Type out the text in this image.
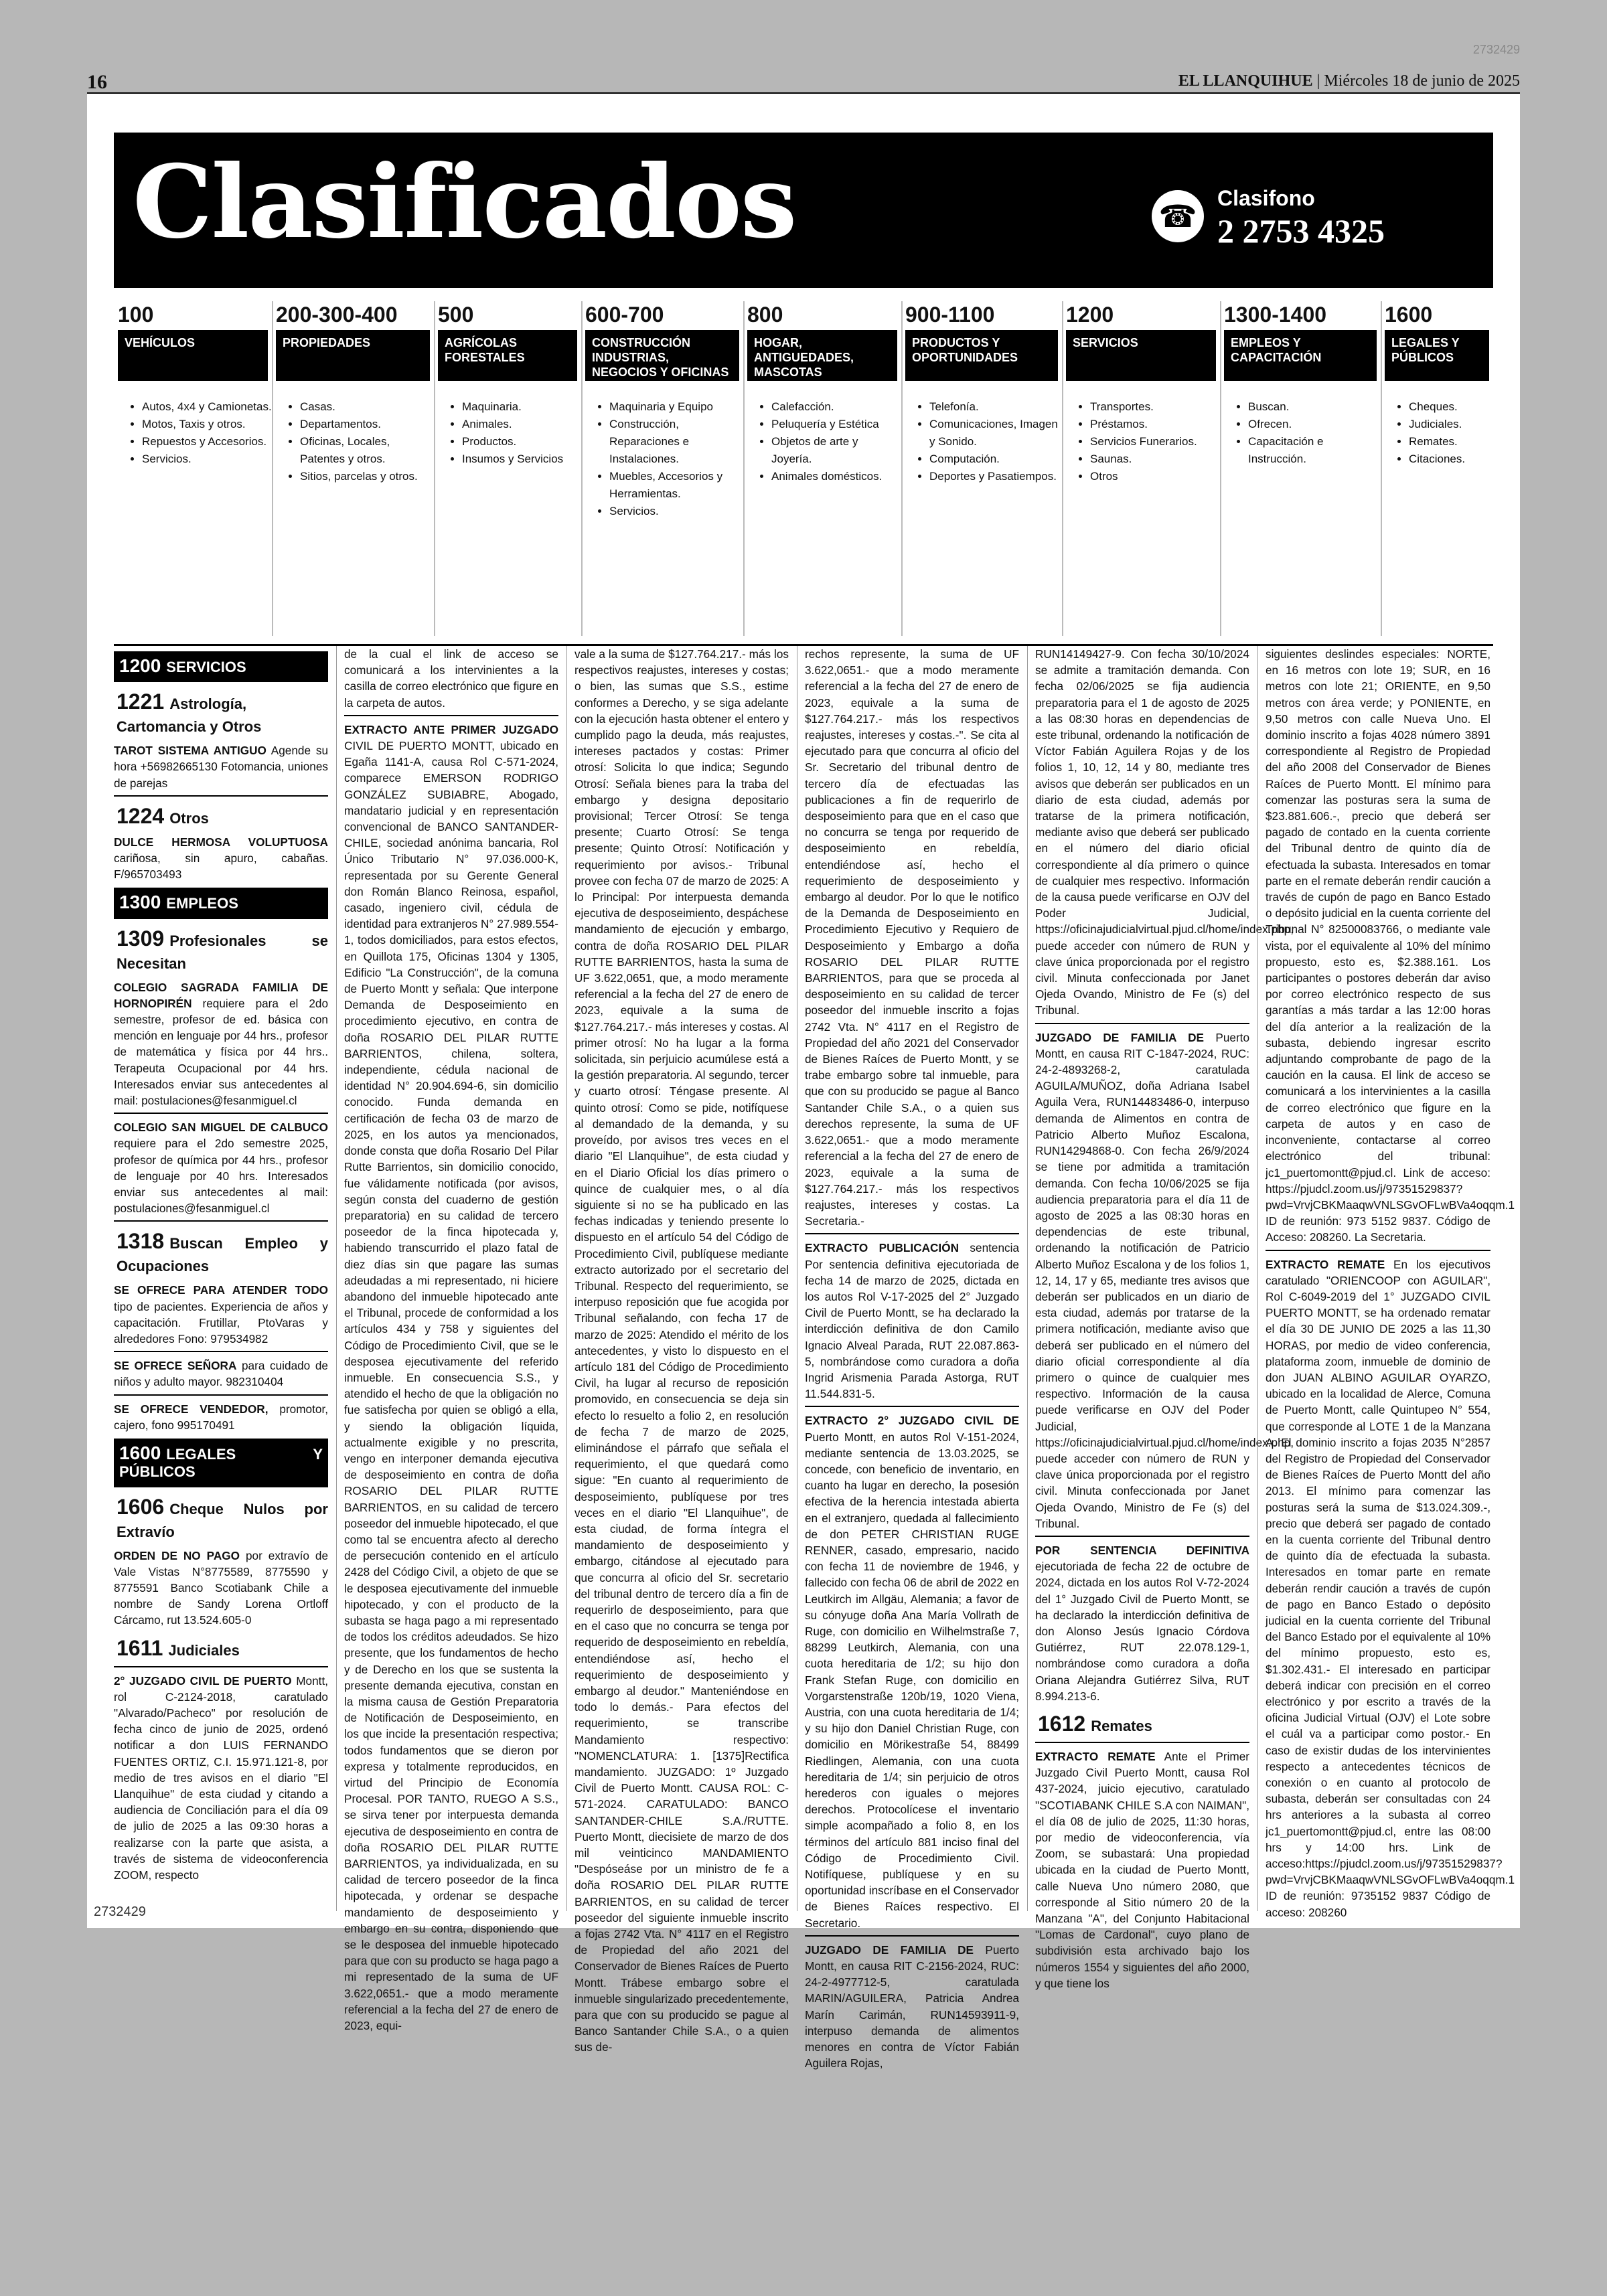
16	EL LLANQUIHUE | Miércoles 18 de junio de 2025
2732429
Clasificados	☎
Clasifono
2 2753 4325
100
VEHÍCULOS
• Autos, 4x4 y Camionetas.
• Motos, Taxis y otros.
• Repuestos y Accesorios.
• Servicios.
200-300-400
PROPIEDADES
• Casas.
• Departamentos.
• Oficinas, Locales, Patentes y otros.
• Sitios, parcelas y otros.
500
AGRÍCOLAS FORESTALES
• Maquinaria.
• Animales.
• Productos.
• Insumos y Servicios
600-700
CONSTRUCCIÓN INDUSTRIAS, NEGOCIOS Y OFICINAS
• Maquinaria y Equipo
• Construcción, Reparaciones e Instalaciones.
• Muebles, Accesorios y Herramientas.
• Servicios.
800
HOGAR, ANTIGUEDADES, MASCOTAS
• Calefacción.
• Peluquería y Estética
• Objetos de arte y Joyería.
• Animales domésticos.
900-1100
PRODUCTOS Y OPORTUNIDADES
• Telefonía.
• Comunicaciones, Imagen y Sonido.
• Computación.
• Deportes y Pasatiempos.
1200
SERVICIOS
• Transportes.
• Préstamos.
• Servicios Funerarios.
• Saunas.
• Otros
1300-1400
EMPLEOS Y CAPACITACIÓN
• Buscan.
• Ofrecen.
• Capacitación e Instrucción.
1600
LEGALES Y PÚBLICOS
• Cheques.
• Judiciales.
• Remates.
• Citaciones.
1200 SERVICIOS
1221 Astrología, Cartomancia y Otros

TAROT SISTEMA ANTIGUO Agende su hora +56982665130 Fotomancia, uniones de parejas

1224 Otros

DULCE HERMOSA VOLUPTUOSA cariñosa, sin apuro, cabañas. F/965703493

1300 EMPLEOS
1309 Profesionales se Necesitan

COLEGIO SAGRADA FAMILIA DE HORNOPIRÉN requiere para el 2do semestre, profesor de ed. básica con mención en lenguaje por 44 hrs., profesor de matemática y física por 44 hrs.. Terapeuta Ocupacional por 44 hrs. Interesados enviar sus antecedentes al mail: postulaciones@fesanmiguel.cl

COLEGIO SAN MIGUEL DE CALBUCO requiere para el 2do semestre 2025, profesor de química por 44 hrs., profesor de lenguaje por 40 hrs. Interesados enviar sus antecedentes al mail: postulaciones@fesanmiguel.cl

1318 Buscan Empleo y Ocupaciones

SE OFRECE PARA ATENDER TODO tipo de pacientes. Experiencia de años y capacitación. Frutillar, PtoVaras y alrededores Fono: 979534982

SE OFRECE SEÑORA para cuidado de niños y adulto mayor. 982310404

SE OFRECE VENDEDOR, promotor, cajero, fono 995170491

1600 LEGALES Y PÚBLICOS
1606 Cheque Nulos por Extravío

ORDEN DE NO PAGO por extravío de Vale Vistas N°8775589, 8775590 y 8775591 Banco Scotiabank Chile a nombre de Sandy Lorena Ortloff Cárcamo, rut 13.524.605-0

1611 Judiciales

2° JUZGADO CIVIL DE PUERTO Montt, rol C-2124-2018, caratulado "Alvarado/Pacheco" por resolución de fecha cinco de junio de 2025, ordenó notificar a don LUIS FERNANDO FUENTES ORTIZ, C.I. 15.971.121-8, por medio de tres avisos en el diario "El Llanquihue" de esta ciudad y citando a audiencia de Conciliación para el día 09 de julio de 2025 a las 09:30 horas a realizarse con la parte que asista, a través de sistema de videoconferencia ZOOM, respecto

de la cual el link de acceso se comunicará a los intervinientes a la casilla de correo electrónico que figure en la carpeta de autos.

EXTRACTO ANTE PRIMER JUZGADO CIVIL DE PUERTO MONTT, ubicado en Egaña 1141-A, causa Rol C-571-2024, comparece EMERSON RODRIGO GONZÁLEZ SUBIABRE, Abogado, mandatario judicial y en representación convencional de BANCO SANTANDER-CHILE, sociedad anónima bancaria, Rol Único Tributario N° 97.036.000-K, representada por su Gerente General don Román Blanco Reinosa, español, casado, ingeniero civil, cédula de identidad para extranjeros N° 27.989.554-1, todos domiciliados, para estos efectos, en Quillota 175, Oficinas 1304 y 1305, Edificio "La Construcción", de la comuna de Puerto Montt y señala: Que interpone Demanda de Desposeimiento en procedimiento ejecutivo, en contra de doña ROSARIO DEL PILAR RUTTE BARRIENTOS, chilena, soltera, independiente, cédula nacional de identidad N° 20.904.694-6, sin domicilio conocido. Funda demanda en certificación de fecha 03 de marzo de 2025, en los autos ya mencionados, donde consta que doña Rosario Del Pilar Rutte Barrientos, sin domicilio conocido, fue válidamente notificada (por avisos, según consta del cuaderno de gestión preparatoria) en su calidad de tercero poseedor de la finca hipotecada y, habiendo transcurrido el plazo fatal de diez días sin que pagare las sumas adeudadas a mi representado, ni hiciere abandono del inmueble hipotecado ante el Tribunal, procede de conformidad a los artículos 434 y 758 y siguientes del Código de Procedimiento Civil, que se le desposea ejecutivamente del referido inmueble. En consecuencia S.S., y atendido el hecho de que la obligación no fue satisfecha por quien se obligó a ella, y siendo la obligación líquida, actualmente exigible y no prescrita, vengo en interponer demanda ejecutiva de desposeimiento en contra de doña ROSARIO DEL PILAR RUTTE BARRIENTOS, en su calidad de tercero poseedor del inmueble hipotecado, el que como tal se encuentra afecto al derecho de persecución contenido en el artículo 2428 del Código Civil, a objeto de que se le desposea ejecutivamente del inmueble hipotecado, y con el producto de la subasta se haga pago a mi representado de todos los créditos adeudados. Se hizo presente, que los fundamentos de hecho y de Derecho en los que se sustenta la presente demanda ejecutiva, constan en la misma causa de Gestión Preparatoria de Notificación de Desposeimiento, en los que incide la presentación respectiva; todos fundamentos que se dieron por expresa y totalmente reproducidos, en virtud del Principio de Economía Procesal. POR TANTO, RUEGO A S.S., se sirva tener por interpuesta demanda ejecutiva de desposeimiento en contra de doña ROSARIO DEL PILAR RUTTE BARRIENTOS, ya individualizada, en su calidad de tercero poseedor de la finca hipotecada, y ordenar se despache mandamiento de desposeimiento y embargo en su contra, disponiendo que se le desposea del inmueble hipotecado para que con su producto se haga pago a mi representado de la suma de UF 3.622,0651.- que a modo meramente referencial a la fecha del 27 de enero de 2023, equi-

vale a la suma de $127.764.217.- más los respectivos reajustes, intereses y costas; o bien, las sumas que S.S., estime conformes a Derecho, y se siga adelante con la ejecución hasta obtener el entero y cumplido pago la deuda, más reajustes, intereses pactados y costas: Primer otrosí: Solicita lo que indica; Segundo Otrosí: Señala bienes para la traba del embargo y designa depositario provisional; Tercer Otrosí: Se tenga presente; Cuarto Otrosí: Se tenga presente; Quinto Otrosí: Notificación y requerimiento por avisos.- Tribunal provee con fecha 07 de marzo de 2025: A lo Principal: Por interpuesta demanda ejecutiva de desposeimiento, despáchese mandamiento de ejecución y embargo, contra de doña ROSARIO DEL PILAR RUTTE BARRIENTOS, hasta la suma de UF 3.622,0651, que, a modo meramente referencial a la fecha del 27 de enero de 2023, equivale a la suma de $127.764.217.- más intereses y costas. Al primer otrosí: No ha lugar a la forma solicitada, sin perjuicio acumúlese está a la gestión preparatoria. Al segundo, tercer y cuarto otrosí: Téngase presente. Al quinto otrosí: Como se pide, notifíquese al demandado de la demanda, y su proveído, por avisos tres veces en el diario "El Llanquihue", de esta ciudad y en el Diario Oficial los días primero o quince de cualquier mes, o al día siguiente si no se ha publicado en las fechas indicadas y teniendo presente lo dispuesto en el artículo 54 del Código de Procedimiento Civil, publíquese mediante extracto autorizado por el secretario del Tribunal. Respecto del requerimiento, se interpuso reposición que fue acogida por Tribunal señalando, con fecha 17 de marzo de 2025: Atendido el mérito de los antecedentes, y visto lo dispuesto en el artículo 181 del Código de Procedimiento Civil, ha lugar al recurso de reposición promovido, en consecuencia se deja sin efecto lo resuelto a folio 2, en resolución de fecha 7 de marzo de 2025, eliminándose el párrafo que señala el requerimiento, el que quedará como sigue: "En cuanto al requerimiento de desposeimiento, publíquese por tres veces en el diario "El Llanquihue", de esta ciudad, de forma íntegra el mandamiento de desposeimiento y embargo, citándose al ejecutado para que concurra al oficio del Sr. secretario del tribunal dentro de tercero día a fin de requerirlo de desposeimiento, para que en el caso que no concurra se tenga por requerido de desposeimiento en rebeldía, entendiéndose así, hecho el requerimiento de desposeimiento y embargo al deudor." Manteniéndose en todo lo demás.- Para efectos del requerimiento, se transcribe Mandamiento respectivo: "NOMENCLATURA: 1. [1375]Rectifica mandamiento. JUZGADO: 1º Juzgado Civil de Puerto Montt. CAUSA ROL: C-571-2024. CARATULADO: BANCO SANTANDER-CHILE S.A./RUTTE. Puerto Montt, diecisiete de marzo de dos mil veinticinco MANDAMIENTO "Despóseáse por un ministro de fe a doña ROSARIO DEL PILAR RUTTE BARRIENTOS, en su calidad de tercer poseedor del siguiente inmueble inscrito a fojas 2742 Vta. N° 4117 en el Registro de Propiedad del año 2021 del Conservador de Bienes Raíces de Puerto Montt. Trábese embargo sobre el inmueble singularizado precedentemente, para que con su producido se pague al Banco Santander Chile S.A., o a quien sus de-

rechos represente, la suma de UF 3.622,0651.- que a modo meramente referencial a la fecha del 27 de enero de 2023, equivale a la suma de $127.764.217.- más los respectivos reajustes, intereses y costas.-". Se cita al ejecutado para que concurra al oficio del Sr. Secretario del tribunal dentro de tercero día de efectuadas las publicaciones a fin de requerirlo de desposeimiento para que en el caso que no concurra se tenga por requerido de desposeimiento en rebeldía, entendiéndose así, hecho el requerimiento de desposeimiento y embargo al deudor. Por lo que le notifico de la Demanda de Desposeimiento en Procedimiento Ejecutivo y Requiero de Desposeimiento y Embargo a doña ROSARIO DEL PILAR RUTTE BARRIENTOS, para que se proceda al desposeimiento en su calidad de tercer poseedor del inmueble inscrito a fojas 2742 Vta. N° 4117 en el Registro de Propiedad del año 2021 del Conservador de Bienes Raíces de Puerto Montt, y se trabe embargo sobre tal inmueble, para que con su producido se pague al Banco Santander Chile S.A., o a quien sus derechos represente, la suma de UF 3.622,0651.- que a modo meramente referencial a la fecha del 27 de enero de 2023, equivale a la suma de $127.764.217.- más los respectivos reajustes, intereses y costas. La Secretaria.-

EXTRACTO PUBLICACIÓN sentencia Por sentencia definitiva ejecutoriada de fecha 14 de marzo de 2025, dictada en los autos Rol V-17-2025 del 2° Juzgado Civil de Puerto Montt, se ha declarado la interdicción definitiva de don Camilo Ignacio Alveal Parada, RUT 22.087.863-5, nombrándose como curadora a doña Ingrid Arismenia Parada Astorga, RUT 11.544.831-5.

EXTRACTO 2° JUZGADO CIVIL DE Puerto Montt, en autos Rol V-151-2024, mediante sentencia de 13.03.2025, se concede, con beneficio de inventario, en cuanto ha lugar en derecho, la posesión efectiva de la herencia intestada abierta en el extranjero, quedada al fallecimiento de don PETER CHRISTIAN RUGE RENNER, casado, empresario, nacido con fecha 11 de noviembre de 1946, y fallecido con fecha 06 de abril de 2022 en Leutkirch im Allgäu, Alemania; a favor de su cónyuge doña Ana María Vollrath de Ruge, con domicilio en Wilhelmstraße 7, 88299 Leutkirch, Alemania, con una cuota hereditaria de 1/2; su hijo don Frank Stefan Ruge, con domicilio en Vorgarstenstraße 120b/19, 1020 Viena, Austria, con una cuota hereditaria de 1/4; y su hijo don Daniel Christian Ruge, con domicilio en Mörikestraße 54, 88499 Riedlingen, Alemania, con una cuota hereditaria de 1/4; sin perjuicio de otros herederos con iguales o mejores derechos. Protocolícese el inventario simple acompañado a folio 8, en los términos del artículo 881 inciso final del Código de Procedimiento Civil. Notifíquese, publíquese y en su oportunidad inscríbase en el Conservador de Bienes Raíces respectivo. El Secretario.

JUZGADO DE FAMILIA DE Puerto Montt, en causa RIT C-2156-2024, RUC: 24-2-4977712-5, caratulada MARIN/AGUILERA, Patricia Andrea Marín Carimán, RUN14593911-9, interpuso demanda de alimentos menores en contra de Víctor Fabián Aguilera Rojas,

RUN14149427-9. Con fecha 30/10/2024 se admite a tramitación demanda. Con fecha 02/06/2025 se fija audiencia preparatoria para el 1 de agosto de 2025 a las 08:30 horas en dependencias de este tribunal, ordenando la notificación de Víctor Fabián Aguilera Rojas y de los folios 1, 10, 12, 14 y 80, mediante tres avisos que deberán ser publicados en un diario de esta ciudad, además por tratarse de la primera notificación, mediante aviso que deberá ser publicado en el número del diario oficial correspondiente al día primero o quince de cualquier mes respectivo. Información de la causa puede verificarse en OJV del Poder Judicial, https://oficinajudicialvirtual.pjud.cl/home/index.php, puede acceder con número de RUN y clave única proporcionada por el registro civil. Minuta confeccionada por Janet Ojeda Ovando, Ministro de Fe (s) del Tribunal.

JUZGADO DE FAMILIA DE Puerto Montt, en causa RIT C-1847-2024, RUC: 24-2-4893268-2, caratulada AGUILA/MUÑOZ, doña Adriana Isabel Aguila Vera, RUN14483486-0, interpuso demanda de Alimentos en contra de Patricio Alberto Muñoz Escalona, RUN14294868-0. Con fecha 26/9/2024 se tiene por admitida a tramitación demanda. Con fecha 10/06/2025 se fija audiencia preparatoria para el día 11 de agosto de 2025 a las 08:30 horas en dependencias de este tribunal, ordenando la notificación de Patricio Alberto Muñoz Escalona y de los folios 1, 12, 14, 17 y 65, mediante tres avisos que deberán ser publicados en un diario de esta ciudad, además por tratarse de la primera notificación, mediante aviso que deberá ser publicado en el número del diario oficial correspondiente al día primero o quince de cualquier mes respectivo. Información de la causa puede verificarse en OJV del Poder Judicial, https://oficinajudicialvirtual.pjud.cl/home/index.php, puede acceder con número de RUN y clave única proporcionada por el registro civil. Minuta confeccionada por Janet Ojeda Ovando, Ministro de Fe (s) del Tribunal.

POR SENTENCIA DEFINITIVA ejecutoriada de fecha 22 de octubre de 2024, dictada en los autos Rol V-72-2024 del 1° Juzgado Civil de Puerto Montt, se ha declarado la interdicción definitiva de don Alonso Jesús Ignacio Córdova Gutiérrez, RUT 22.078.129-1, nombrándose como curadora a doña Oriana Alejandra Gutiérrez Silva, RUT 8.994.213-6.

1612 Remates

EXTRACTO REMATE Ante el Primer Juzgado Civil Puerto Montt, causa Rol 437-2024, juicio ejecutivo, caratulado "SCOTIABANK CHILE S.A con NAIMAN", el día 08 de julio de 2025, 11:30 horas, por medio de videoconferencia, vía Zoom, se subastará: Una propiedad ubicada en la ciudad de Puerto Montt, calle Nueva Uno número 2080, que corresponde al Sitio número 20 de la Manzana "A", del Conjunto Habitacional "Lomas de Cardonal", cuyo plano de subdivisión esta archivado bajo los números 1554 y siguientes del año 2000, y que tiene los

siguientes deslindes especiales: NORTE, en 16 metros con lote 19; SUR, en 16 metros con lote 21; ORIENTE, en 9,50 metros con área verde; y PONIENTE, en 9,50 metros con calle Nueva Uno. El dominio inscrito a fojas 4028 número 3891 correspondiente al Registro de Propiedad del año 2008 del Conservador de Bienes Raíces de Puerto Montt. El mínimo para comenzar las posturas sera la suma de $23.881.606.-, precio que deberá ser pagado de contado en la cuenta corriente del Tribunal dentro de quinto día de efectuada la subasta. Interesados en tomar parte en el remate deberán rendir caución a través de cupón de pago en Banco Estado o depósito judicial en la cuenta corriente del Tribunal N° 82500083766, o mediante vale vista, por el equivalente al 10% del mínimo propuesto, esto es, $2.388.161. Los participantes o postores deberán dar aviso por correo electrónico respecto de sus garantías a más tardar a las 12:00 horas del día anterior a la realización de la subasta, debiendo ingresar escrito adjuntando comprobante de pago de la caución en la causa. El link de acceso se comunicará a los intervinientes a la casilla de correo electrónico que figure en la carpeta de autos y en caso de inconveniente, contactarse al correo electrónico del tribunal: jc1_puertomontt@pjud.cl. Link de acceso: https://pjudcl.zoom.us/j/97351529837?pwd=VrvjCBKMaaqwVNLSGvOFLwBVa4oqqm.1 ID de reunión: 973 5152 9837. Código de Acceso: 208260. La Secretaria.

EXTRACTO REMATE En los ejecutivos caratulado "ORIENCOOP con AGUILAR", Rol C-6049-2019 del 1° JUZGADO CIVIL PUERTO MONTT, se ha ordenado rematar el día 30 DE JUNIO DE 2025 a las 11,30 HORAS, por medio de video conferencia, plataforma zoom, inmueble de dominio de don JUAN ALBINO AGUILAR OYARZO, ubicado en la localidad de Alerce, Comuna de Puerto Montt, calle Quintupeo N° 554, que corresponde al LOTE 1 de la Manzana A. El dominio inscrito a fojas 2035 N°2857 del Registro de Propiedad del Conservador de Bienes Raíces de Puerto Montt del año 2013. El mínimo para comenzar las posturas será la suma de $13.024.309.-, precio que deberá ser pagado de contado en la cuenta corriente del Tribunal dentro de quinto día de efectuada la subasta. Interesados en tomar parte en remate deberán rendir caución a través de cupón de pago en Banco Estado o depósito judicial en la cuenta corriente del Tribunal del Banco Estado por el equivalente al 10% del mínimo propuesto, esto es, $1.302.431.- El interesado en participar deberá indicar con precisión en el correo electrónico y por escrito a través de la oficina Judicial Virtual (OJV) el Lote sobre el cuál va a participar como postor.- En caso de existir dudas de los intervinientes respecto a antecedentes técnicos de conexión o en cuanto al protocolo de subasta, deberán ser consultadas con 24 hrs anteriores a la subasta al correo jc1_puertomontt@pjud.cl, entre las 08:00 hrs y 14:00 hrs. Link de acceso:https://pjudcl.zoom.us/j/97351529837?pwd=VrvjCBKMaaqwVNLSGvOFLwBVa4oqqm.1 ID de reunión: 9735152 9837 Código de acceso: 208260

2732429
